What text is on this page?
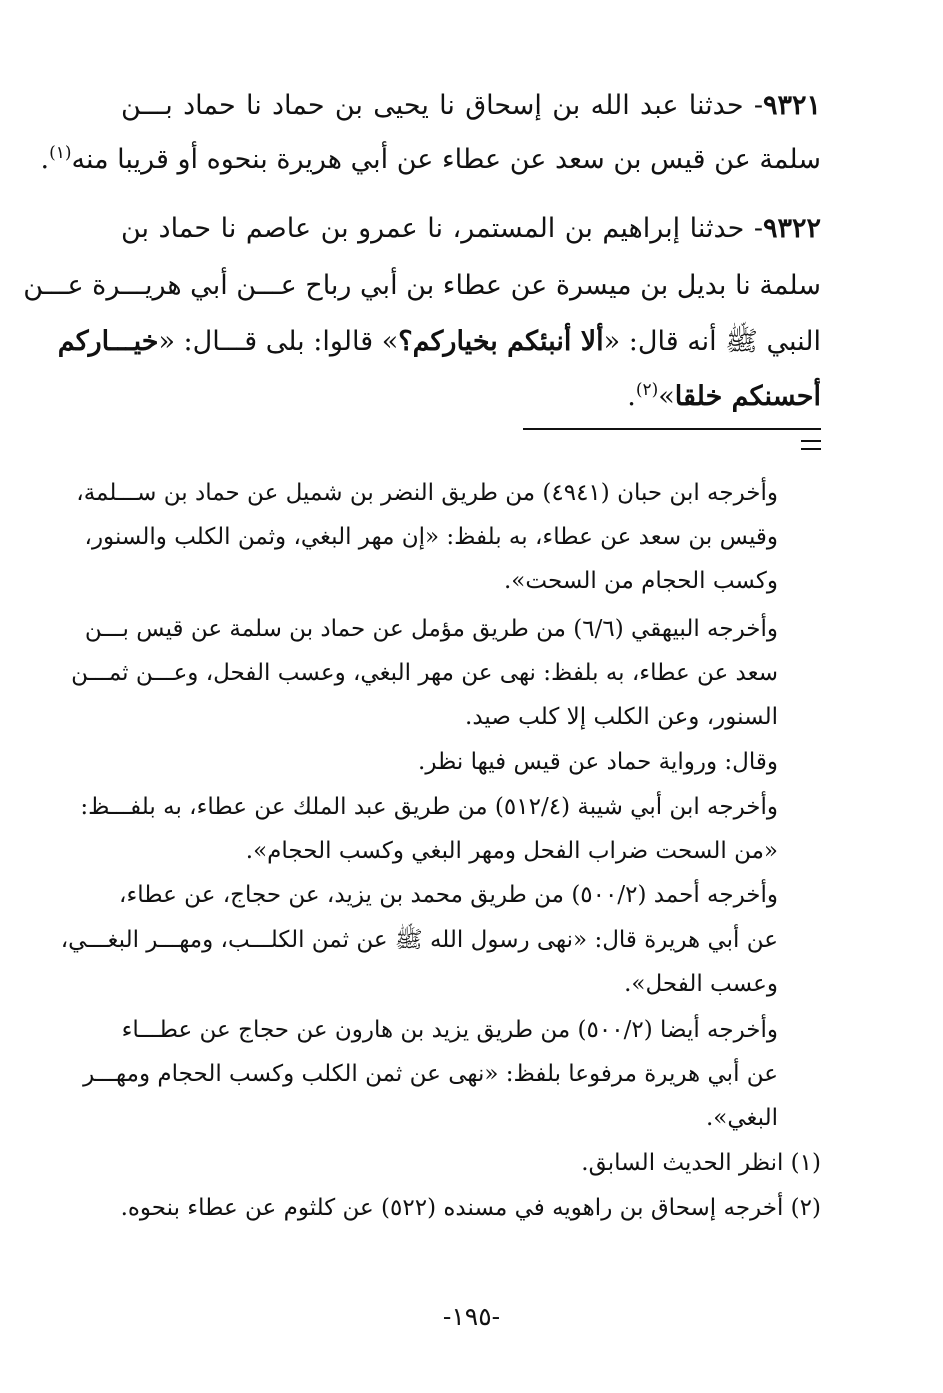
٩٣٢١- حدثنا عبد الله بن إسحاق نا يحيى بن حماد نا حماد بـــن
سلمة عن قيس بن سعد عن عطاء عن أبي هريرة بنحوه أو قريبا منه$^{(١)}$.
٩٣٢٢- حدثنا إبراهيم بن المستمر، نا عمرو بن عاصم نا حماد بن
سلمة نا بديل بن ميسرة عن عطاء بن أبي رباح عـــن أبي هريـــرة عـــن
النبي ﷺ أنه قال: «ألا أنبئكم بخياركم؟» قالوا: بلى قـــال: «خيـــاركم
أحسنكم خلقا»$^{(٢)}$.
وأخرجه ابن حبان (٤٩٤١) من طريق النضر بن شميل عن حماد بن ســـلمة،
وقيس بن سعد عن عطاء، به بلفظ: «إن مهر البغي، وثمن الكلب والسنور،
وكسب الحجام من السحت».
وأخرجه البيهقي (٦/٦) من طريق مؤمل عن حماد بن سلمة عن قيس بـــن
سعد عن عطاء، به بلفظ: نهى عن مهر البغي، وعسب الفحل، وعـــن ثمـــن
السنور، وعن الكلب إلا كلب صيد.
وقال: ورواية حماد عن قيس فيها نظر.
وأخرجه ابن أبي شيبة (٥١٢/٤) من طريق عبد الملك عن عطاء، به بلفـــظ:
«من السحت ضراب الفحل ومهر البغي وكسب الحجام».
وأخرجه أحمد (٥٠٠/٢) من طريق محمد بن يزيد، عن حجاج، عن عطاء،
عن أبي هريرة قال: «نهى رسول الله ﷺ عن ثمن الكلـــب، ومهـــر البغـــي،
وعسب الفحل».
وأخرجه أيضا (٥٠٠/٢) من طريق يزيد بن هارون عن حجاج عن عطـــاء
عن أبي هريرة مرفوعا بلفظ: «نهى عن ثمن الكلب وكسب الحجام ومهـــر
البغي».
(١) انظر الحديث السابق.
(٢) أخرجه إسحاق بن راهويه في مسنده (٥٢٢) عن كلثوم عن عطاء بنحوه.
-١٩٥-
